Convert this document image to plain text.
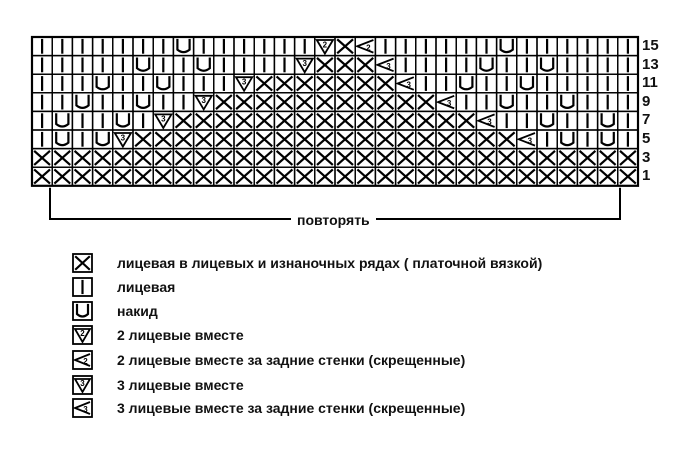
2	2
3	3
3	3
3	3
3	3
3	3
повторять
лицевая в лицевых и изнаночных рядах ( платочной вязкой)
лицевая
накид
2 2 лицевые вместе
2 2 лицевые вместе за задние стенки (скрещенные)
3 3 лицевые вместе
3 3 лицевые вместе за задние стенки (скрещенные)
15
13
11
9
7
5
3
1
